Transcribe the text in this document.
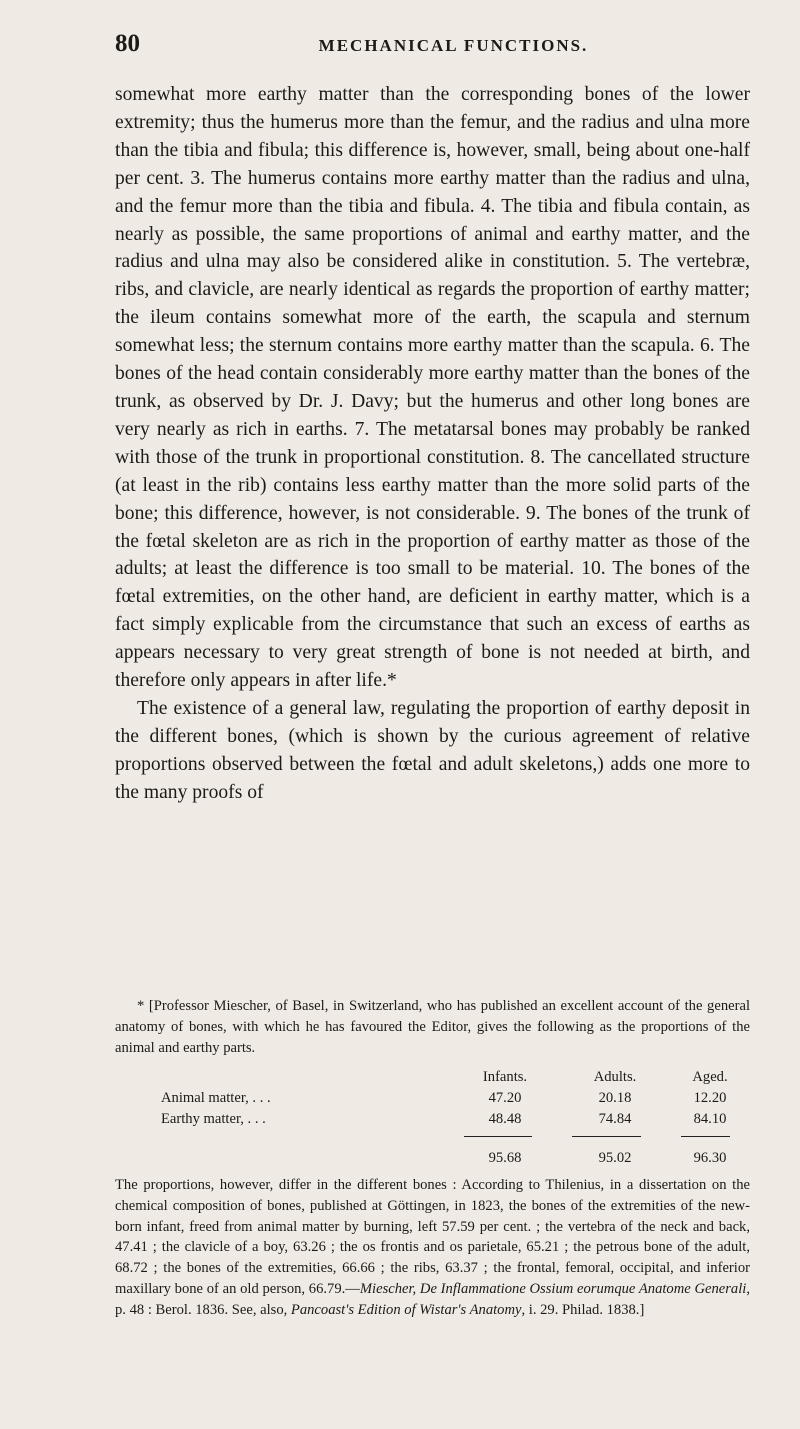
80	MECHANICAL FUNCTIONS.

somewhat more earthy matter than the corresponding bones of the lower extremity; thus the humerus more than the femur, and the radius and ulna more than the tibia and fibula; this difference is, however, small, being about one-half per cent. 3. The humerus contains more earthy matter than the radius and ulna, and the femur more than the tibia and fibula. 4. The tibia and fibula contain, as nearly as possible, the same proportions of animal and earthy matter, and the radius and ulna may also be considered alike in constitution. 5. The vertebræ, ribs, and clavicle, are nearly identical as regards the proportion of earthy matter; the ileum contains somewhat more of the earth, the scapula and sternum somewhat less; the sternum contains more earthy matter than the scapula. 6. The bones of the head contain considerably more earthy matter than the bones of the trunk, as observed by Dr. J. Davy; but the humerus and other long bones are very nearly as rich in earths. 7. The metatarsal bones may probably be ranked with those of the trunk in proportional constitution. 8. The cancellated structure (at least in the rib) contains less earthy matter than the more solid parts of the bone; this difference, however, is not considerable. 9. The bones of the trunk of the fœtal skeleton are as rich in the proportion of earthy matter as those of the adults; at least the difference is too small to be material. 10. The bones of the fœtal extremities, on the other hand, are deficient in earthy matter, which is a fact simply explicable from the circumstance that such an excess of earths as appears necessary to very great strength of bone is not needed at birth, and therefore only appears in after life.*

The existence of a general law, regulating the proportion of earthy deposit in the different bones, (which is shown by the curious agreement of relative proportions observed between the fœtal and adult skeletons,) adds one more to the many proofs of

* [Professor Miescher, of Basel, in Switzerland, who has published an excellent account of the general anatomy of bones, with which he has favoured the Editor, gives the following as the proportions of the animal and earthy parts.

Infants.	Adults.	Aged.
Animal matter, . . .	47.20	20.18	12.20
Earthy matter, . . .	48.48	74.84	84.10
95.68	95.02	96.30

The proportions, however, differ in the different bones : According to Thilenius, in a dissertation on the chemical composition of bones, published at Göttingen, in 1823, the bones of the extremities of the new-born infant, freed from animal matter by burning, left 57.59 per cent. ; the vertebra of the neck and back, 47.41 ; the clavicle of a boy, 63.26 ; the os frontis and os parietale, 65.21 ; the petrous bone of the adult, 68.72 ; the bones of the extremities, 66.66 ; the ribs, 63.37 ; the frontal, femoral, occipital, and inferior maxillary bone of an old person, 66.79.—Miescher, De Inflammatione Ossium eorumque Anatome Generali, p. 48 : Berol. 1836. See, also, Pancoast's Edition of Wistar's Anatomy, i. 29. Philad. 1838.]
